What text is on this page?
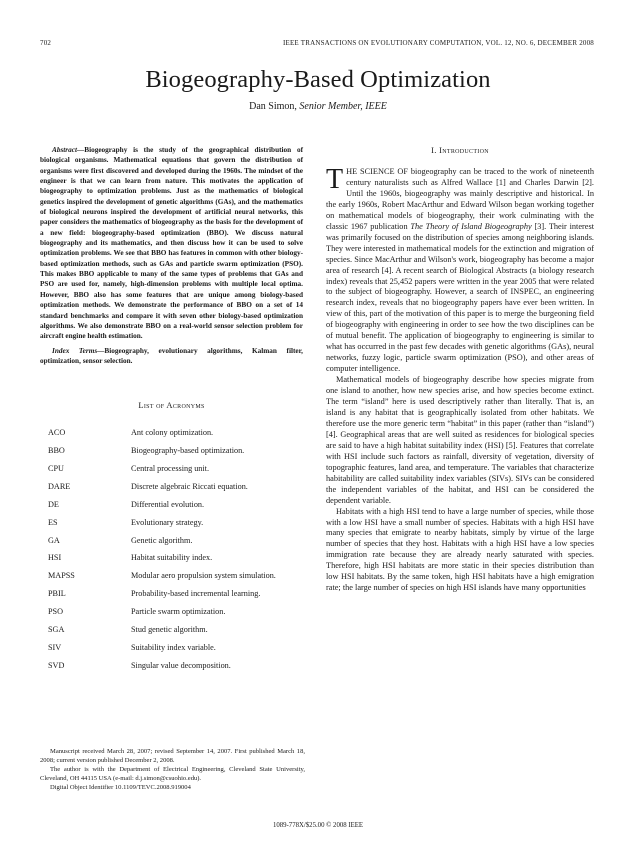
702	IEEE TRANSACTIONS ON EVOLUTIONARY COMPUTATION, VOL. 12, NO. 6, DECEMBER 2008
Biogeography-Based Optimization
Dan Simon, Senior Member, IEEE

Abstract—Biogeography is the study of the geographical distribution of biological organisms. Mathematical equations that govern the distribution of organisms were first discovered and developed during the 1960s. The mindset of the engineer is that we can learn from nature. This motivates the application of biogeography to optimization problems. Just as the mathematics of biological genetics inspired the development of genetic algorithms (GAs), and the mathematics of biological neurons inspired the development of artificial neural networks, this paper considers the mathematics of biogeography as the basis for the development of a new field: biogeography-based optimization (BBO). We discuss natural biogeography and its mathematics, and then discuss how it can be used to solve optimization problems. We see that BBO has features in common with other biology-based optimization methods, such as GAs and particle swarm optimization (PSO). This makes BBO applicable to many of the same types of problems that GAs and PSO are used for, namely, high-dimension problems with multiple local optima. However, BBO also has some features that are unique among biology-based optimization methods. We demonstrate the performance of BBO on a set of 14 standard benchmarks and compare it with seven other biology-based optimization algorithms. We also demonstrate BBO on a real-world sensor selection problem for aircraft engine health estimation.

Index Terms—Biogeography, evolutionary algorithms, Kalman filter, optimization, sensor selection.

List of Acronyms
ACO	Ant colony optimization.
BBO	Biogeography-based optimization.
CPU	Central processing unit.
DARE	Discrete algebraic Riccati equation.
DE	Differential evolution.
ES	Evolutionary strategy.
GA	Genetic algorithm.
HSI	Habitat suitability index.
MAPSS	Modular aero propulsion system simulation.
PBIL	Probability-based incremental learning.
PSO	Particle swarm optimization.
SGA	Stud genetic algorithm.
SIV	Suitability index variable.
SVD	Singular value decomposition.

Manuscript received March 28, 2007; revised September 14, 2007. First published March 18, 2008; current version published December 2, 2008.

The author is with the Department of Electrical Engineering, Cleveland State University, Cleveland, OH 44115 USA (e-mail: d.j.simon@csuohio.edu).

Digital Object Identifier 10.1109/TEVC.2008.919004

I. Introduction

THE SCIENCE OF biogeography can be traced to the work of nineteenth century naturalists such as Alfred Wallace [1] and Charles Darwin [2]. Until the 1960s, biogeography was mainly descriptive and historical. In the early 1960s, Robert MacArthur and Edward Wilson began working together on mathematical models of biogeography, their work culminating with the classic 1967 publication The Theory of Island Biogeography [3]. Their interest was primarily focused on the distribution of species among neighboring islands. They were interested in mathematical models for the extinction and migration of species. Since MacArthur and Wilson's work, biogeography has become a major area of research [4]. A recent search of Biological Abstracts (a biology research index) reveals that 25,452 papers were written in the year 2005 that were related to the subject of biogeography. However, a search of INSPEC, an engineering research index, reveals that no biogeography papers have ever been written. In view of this, part of the motivation of this paper is to merge the burgeoning field of biogeography with engineering in order to see how the two disciplines can be of mutual benefit. The application of biogeography to engineering is similar to what has occurred in the past few decades with genetic algorithms (GAs), neural networks, fuzzy logic, particle swarm optimization (PSO), and other areas of computer intelligence.

Mathematical models of biogeography describe how species migrate from one island to another, how new species arise, and how species become extinct. The term “island” here is used descriptively rather than literally. That is, an island is any habitat that is geographically isolated from other habitats. We therefore use the more generic term “habitat” in this paper (rather than “island”) [4]. Geographical areas that are well suited as residences for biological species are said to have a high habitat suitability index (HSI) [5]. Features that correlate with HSI include such factors as rainfall, diversity of vegetation, diversity of topographic features, land area, and temperature. The variables that characterize habitability are called suitability index variables (SIVs). SIVs can be considered the independent variables of the habitat, and HSI can be considered the dependent variable.

Habitats with a high HSI tend to have a large number of species, while those with a low HSI have a small number of species. Habitats with a high HSI have many species that emigrate to nearby habitats, simply by virtue of the large number of species that they host. Habitats with a high HSI have a low species immigration rate because they are already nearly saturated with species. Therefore, high HSI habitats are more static in their species distribution than low HSI habitats. By the same token, high HSI habitats have a high emigration rate; the large number of species on high HSI islands have many opportunities

1089-778X/$25.00 © 2008 IEEE
